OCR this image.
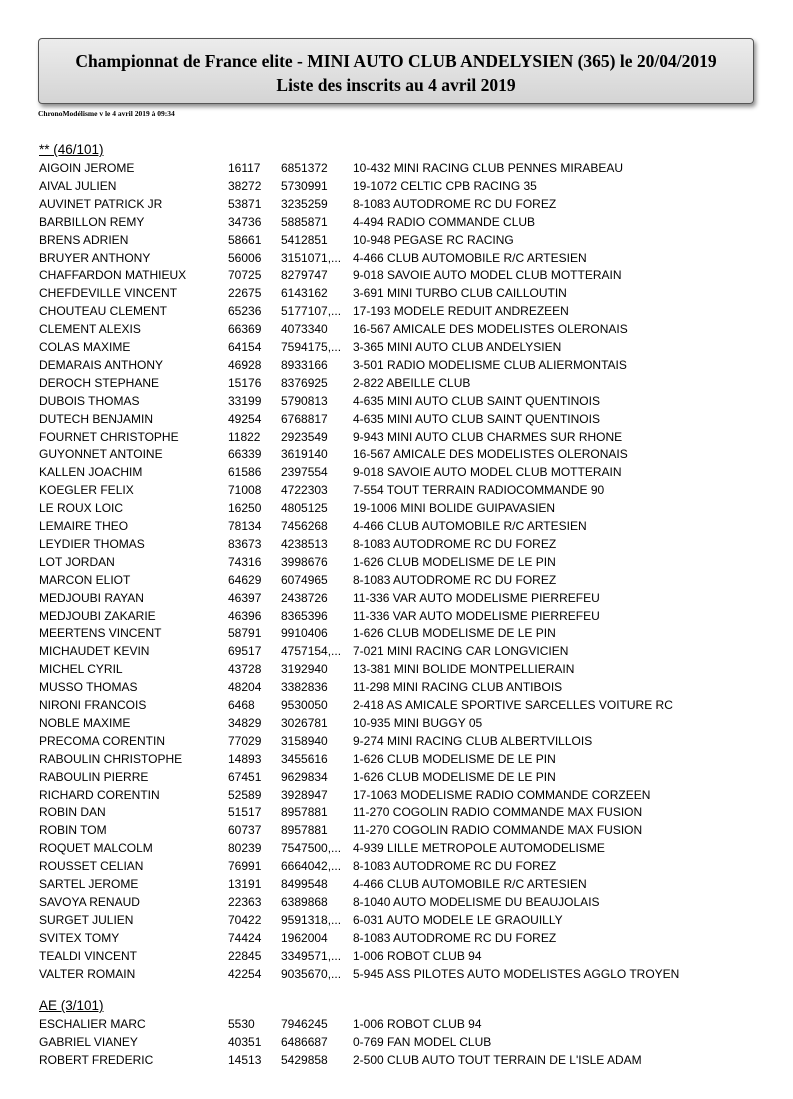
Championnat de France elite - MINI AUTO CLUB ANDELYSIEN (365) le 20/04/2019
Liste des inscrits au 4 avril 2019
ChronoModélisme v le 4 avril 2019 à 09:34
** (46/101)
AIGOIN JEROME	16117 6851372 10-432 MINI RACING CLUB PENNES MIRABEAU
AIVAL JULIEN	38272 5730991 19-1072 CELTIC CPB RACING 35
AUVINET PATRICK JR	53871 3235259 8-1083 AUTODROME RC DU FOREZ
BARBILLON REMY	34736 5885871 4-494 RADIO COMMANDE CLUB
BRENS ADRIEN	58661 5412851 10-948 PEGASE RC RACING
BRUYER ANTHONY	56006 3151071,... 4-466 CLUB AUTOMOBILE R/C ARTESIEN
CHAFFARDON MATHIEUX	70725 8279747 9-018 SAVOIE AUTO MODEL CLUB MOTTERAIN
CHEFDEVILLE VINCENT	22675 6143162 3-691 MINI TURBO CLUB CAILLOUTIN
CHOUTEAU CLEMENT	65236 5177107,... 17-193 MODELE REDUIT ANDREZEEN
CLEMENT ALEXIS	66369 4073340 16-567 AMICALE DES MODELISTES OLERONAIS
COLAS MAXIME	64154 7594175,... 3-365 MINI AUTO CLUB ANDELYSIEN
DEMARAIS ANTHONY	46928 8933166 3-501 RADIO MODELISME CLUB ALIERMONTAIS
DEROCH STEPHANE	15176 8376925 2-822 ABEILLE CLUB
DUBOIS THOMAS	33199 5790813 4-635 MINI AUTO CLUB SAINT QUENTINOIS
DUTECH BENJAMIN	49254 6768817 4-635 MINI AUTO CLUB SAINT QUENTINOIS
FOURNET CHRISTOPHE	11822 2923549 9-943 MINI AUTO CLUB CHARMES SUR RHONE
GUYONNET ANTOINE	66339 3619140 16-567 AMICALE DES MODELISTES OLERONAIS
KALLEN JOACHIM	61586 2397554 9-018 SAVOIE AUTO MODEL CLUB MOTTERAIN
KOEGLER FELIX	71008 4722303 7-554 TOUT TERRAIN RADIOCOMMANDE 90
LE ROUX LOIC	16250 4805125 19-1006 MINI BOLIDE GUIPAVASIEN
LEMAIRE THEO	78134 7456268 4-466 CLUB AUTOMOBILE R/C ARTESIEN
LEYDIER THOMAS	83673 4238513 8-1083 AUTODROME RC DU FOREZ
LOT JORDAN	74316 3998676 1-626 CLUB MODELISME DE LE PIN
MARCON ELIOT	64629 6074965 8-1083 AUTODROME RC DU FOREZ
MEDJOUBI RAYAN	46397 2438726 11-336 VAR AUTO MODELISME PIERREFEU
MEDJOUBI ZAKARIE	46396 8365396 11-336 VAR AUTO MODELISME PIERREFEU
MEERTENS VINCENT	58791 9910406 1-626 CLUB MODELISME DE LE PIN
MICHAUDET KEVIN	69517 4757154,... 7-021 MINI RACING CAR LONGVICIEN
MICHEL CYRIL	43728 3192940 13-381 MINI BOLIDE MONTPELLIERAIN
MUSSO THOMAS	48204 3382836 11-298 MINI RACING CLUB ANTIBOIS
NIRONI FRANCOIS	6468 9530050 2-418 AS AMICALE SPORTIVE SARCELLES VOITURE RC
NOBLE MAXIME	34829 3026781 10-935 MINI BUGGY 05
PRECOMA CORENTIN	77029 3158940 9-274 MINI RACING CLUB ALBERTVILLOIS
RABOULIN CHRISTOPHE	14893 3455616 1-626 CLUB MODELISME DE LE PIN
RABOULIN PIERRE	67451 9629834 1-626 CLUB MODELISME DE LE PIN
RICHARD CORENTIN	52589 3928947 17-1063 MODELISME RADIO COMMANDE CORZEEN
ROBIN DAN	51517 8957881 11-270 COGOLIN RADIO COMMANDE MAX FUSION
ROBIN TOM	60737 8957881 11-270 COGOLIN RADIO COMMANDE MAX FUSION
ROQUET MALCOLM	80239 7547500,... 4-939 LILLE METROPOLE AUTOMODELISME
ROUSSET CELIAN	76991 6664042,... 8-1083 AUTODROME RC DU FOREZ
SARTEL JEROME	13191 8499548 4-466 CLUB AUTOMOBILE R/C ARTESIEN
SAVOYA RENAUD	22363 6389868 8-1040 AUTO MODELISME DU BEAUJOLAIS
SURGET JULIEN	70422 9591318,... 6-031 AUTO MODELE LE GRAOUILLY
SVITEX TOMY	74424 1962004 8-1083 AUTODROME RC DU FOREZ
TEALDI VINCENT	22845 3349571,... 1-006 ROBOT CLUB 94
VALTER ROMAIN	42254 9035670,... 5-945 ASS PILOTES AUTO MODELISTES AGGLO TROYEN
AE (3/101)
ESCHALIER MARC	5530 7946245 1-006 ROBOT CLUB 94
GABRIEL VIANEY	40351 6486687 0-769 FAN MODEL CLUB
ROBERT FREDERIC	14513 5429858 2-500 CLUB AUTO TOUT TERRAIN DE L'ISLE ADAM
